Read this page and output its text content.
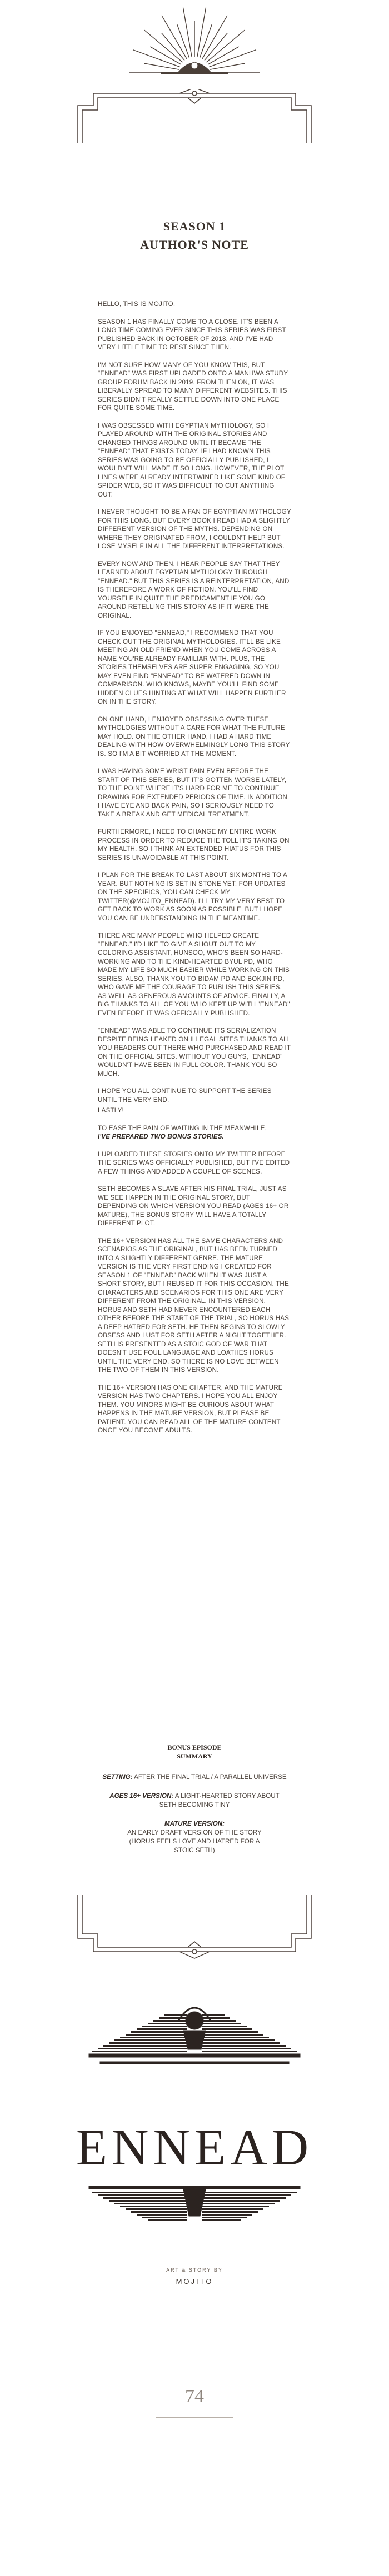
SEASON 1
AUTHOR'S NOTE

HELLO, THIS IS MOJITO.

SEASON 1 HAS FINALLY COME TO A CLOSE. IT'S BEEN A LONG TIME COMING EVER SINCE THIS SERIES WAS FIRST PUBLISHED BACK IN OCTOBER OF 2018, AND I'VE HAD VERY LITTLE TIME TO REST SINCE THEN.

I'M NOT SURE HOW MANY OF YOU KNOW THIS, BUT "ENNEAD" WAS FIRST UPLOADED ONTO A MANHWA STUDY GROUP FORUM BACK IN 2019. FROM THEN ON, IT WAS LIBERALLY SPREAD TO MANY DIFFERENT WEBSITES. THIS SERIES DIDN'T REALLY SETTLE DOWN INTO ONE PLACE FOR QUITE SOME TIME.

I WAS OBSESSED WITH EGYPTIAN MYTHOLOGY, SO I PLAYED AROUND WITH THE ORIGINAL STORIES AND CHANGED THINGS AROUND UNTIL IT BECAME THE "ENNEAD" THAT EXISTS TODAY. IF I HAD KNOWN THIS SERIES WAS GOING TO BE OFFICIALLY PUBLISHED, I WOULDN'T WILL MADE IT SO LONG. HOWEVER, THE PLOT LINES WERE ALREADY INTERTWINED LIKE SOME KIND OF SPIDER WEB, SO IT WAS DIFFICULT TO CUT ANYTHING OUT.

I NEVER THOUGHT TO BE A FAN OF EGYPTIAN MYTHOLOGY FOR THIS LONG. BUT EVERY BOOK I READ HAD A SLIGHTLY DIFFERENT VERSION OF THE MYTHS. DEPENDING ON WHERE THEY ORIGINATED FROM, I COULDN'T HELP BUT LOSE MYSELF IN ALL THE DIFFERENT INTERPRETATIONS.

EVERY NOW AND THEN, I HEAR PEOPLE SAY THAT THEY LEARNED ABOUT EGYPTIAN MYTHOLOGY THROUGH "ENNEAD." BUT THIS SERIES IS A REINTERPRETATION, AND IS THEREFORE A WORK OF FICTION. YOU'LL FIND YOURSELF IN QUITE THE PREDICAMENT IF YOU GO AROUND RETELLING THIS STORY AS IF IT WERE THE ORIGINAL.

IF YOU ENJOYED "ENNEAD," I RECOMMEND THAT YOU CHECK OUT THE ORIGINAL MYTHOLOGIES. IT'LL BE LIKE MEETING AN OLD FRIEND WHEN YOU COME ACROSS A NAME YOU'RE ALREADY FAMILIAR WITH. PLUS, THE STORIES THEMSELVES ARE SUPER ENGAGING, SO YOU MAY EVEN FIND "ENNEAD" TO BE WATERED DOWN IN COMPARISON. WHO KNOWS, MAYBE YOU'LL FIND SOME HIDDEN CLUES HINTING AT WHAT WILL HAPPEN FURTHER ON IN THE STORY.

ON ONE HAND, I ENJOYED OBSESSING OVER THESE MYTHOLOGIES WITHOUT A CARE FOR WHAT THE FUTURE MAY HOLD. ON THE OTHER HAND, I HAD A HARD TIME DEALING WITH HOW OVERWHELMINGLY LONG THIS STORY IS. SO I'M A BIT WORRIED AT THE MOMENT.

I WAS HAVING SOME WRIST PAIN EVEN BEFORE THE START OF THIS SERIES, BUT IT'S GOTTEN WORSE LATELY, TO THE POINT WHERE IT'S HARD FOR ME TO CONTINUE DRAWING FOR EXTENDED PERIODS OF TIME. IN ADDITION, I HAVE EYE AND BACK PAIN, SO I SERIOUSLY NEED TO TAKE A BREAK AND GET MEDICAL TREATMENT.

FURTHERMORE, I NEED TO CHANGE MY ENTIRE WORK PROCESS IN ORDER TO REDUCE THE TOLL IT'S TAKING ON MY HEALTH. SO I THINK AN EXTENDED HIATUS FOR THIS SERIES IS UNAVOIDABLE AT THIS POINT.

I PLAN FOR THE BREAK TO LAST ABOUT SIX MONTHS TO A YEAR. BUT NOTHING IS SET IN STONE YET. FOR UPDATES ON THE SPECIFICS, YOU CAN CHECK MY TWITTER(@MOJITO_ENNEAD). I'LL TRY MY VERY BEST TO GET BACK TO WORK AS SOON AS POSSIBLE, BUT I HOPE YOU CAN BE UNDERSTANDING IN THE MEANTIME.

THERE ARE MANY PEOPLE WHO HELPED CREATE "ENNEAD." I'D LIKE TO GIVE A SHOUT OUT TO MY COLORING ASSISTANT, HUNSOO, WHO'S BEEN SO HARD-WORKING AND TO THE KIND-HEARTED BYUL PD, WHO MADE MY LIFE SO MUCH EASIER WHILE WORKING ON THIS SERIES. ALSO, THANK YOU TO BIDAM PD AND BOKJIN PD, WHO GAVE ME THE COURAGE TO PUBLISH THIS SERIES, AS WELL AS GENEROUS AMOUNTS OF ADVICE. FINALLY, A BIG THANKS TO ALL OF YOU WHO KEPT UP WITH "ENNEAD" EVEN BEFORE IT WAS OFFICIALLY PUBLISHED.

"ENNEAD" WAS ABLE TO CONTINUE ITS SERIALIZATION DESPITE BEING LEAKED ON ILLEGAL SITES THANKS TO ALL YOU READERS OUT THERE WHO PURCHASED AND READ IT ON THE OFFICIAL SITES. WITHOUT YOU GUYS, "ENNEAD" WOULDN'T HAVE BEEN IN FULL COLOR. THANK YOU SO MUCH.

I HOPE YOU ALL CONTINUE TO SUPPORT THE SERIES UNTIL THE VERY END.

LASTLY!

TO EASE THE PAIN OF WAITING IN THE MEANWHILE,
I'VE PREPARED TWO BONUS STORIES.

I UPLOADED THESE STORIES ONTO MY TWITTER BEFORE THE SERIES WAS OFFICIALLY PUBLISHED, BUT I'VE EDITED A FEW THINGS AND ADDED A COUPLE OF SCENES.

SETH BECOMES A SLAVE AFTER HIS FINAL TRIAL, JUST AS WE SEE HAPPEN IN THE ORIGINAL STORY, BUT DEPENDING ON WHICH VERSION YOU READ (AGES 16+ OR MATURE), THE BONUS STORY WILL HAVE A TOTALLY DIFFERENT PLOT.

THE 16+ VERSION HAS ALL THE SAME CHARACTERS AND SCENARIOS AS THE ORIGINAL, BUT HAS BEEN TURNED INTO A SLIGHTLY DIFFERENT GENRE. THE MATURE VERSION IS THE VERY FIRST ENDING I CREATED FOR SEASON 1 OF "ENNEAD" BACK WHEN IT WAS JUST A SHORT STORY, BUT I REUSED IT FOR THIS OCCASION. THE CHARACTERS AND SCENARIOS FOR THIS ONE ARE VERY DIFFERENT FROM THE ORIGINAL. IN THIS VERSION, HORUS AND SETH HAD NEVER ENCOUNTERED EACH OTHER BEFORE THE START OF THE TRIAL, SO HORUS HAS A DEEP HATRED FOR SETH. HE THEN BEGINS TO SLOWLY OBSESS AND LUST FOR SETH AFTER A NIGHT TOGETHER. SETH IS PRESENTED AS A STOIC GOD OF WAR THAT DOESN'T USE FOUL LANGUAGE AND LOATHES HORUS UNTIL THE VERY END. SO THERE IS NO LOVE BETWEEN THE TWO OF THEM IN THIS VERSION.

THE 16+ VERSION HAS ONE CHAPTER, AND THE MATURE VERSION HAS TWO CHAPTERS. I HOPE YOU ALL ENJOY THEM. YOU MINORS MIGHT BE CURIOUS ABOUT WHAT HAPPENS IN THE MATURE VERSION, BUT PLEASE BE PATIENT. YOU CAN READ ALL OF THE MATURE CONTENT ONCE YOU BECOME ADULTS.

BONUS EPISODE

SUMMARY

SETTING: AFTER THE FINAL TRIAL / A PARALLEL UNIVERSE

AGES 16+ VERSION: A LIGHT-HEARTED STORY ABOUT SETH BECOMING TINY

MATURE VERSION:
AN EARLY DRAFT VERSION OF THE STORY (HORUS FEELS LOVE AND HATRED FOR A STOIC SETH)

ENNEAD
ART & STORY BY
MOJITO
74
